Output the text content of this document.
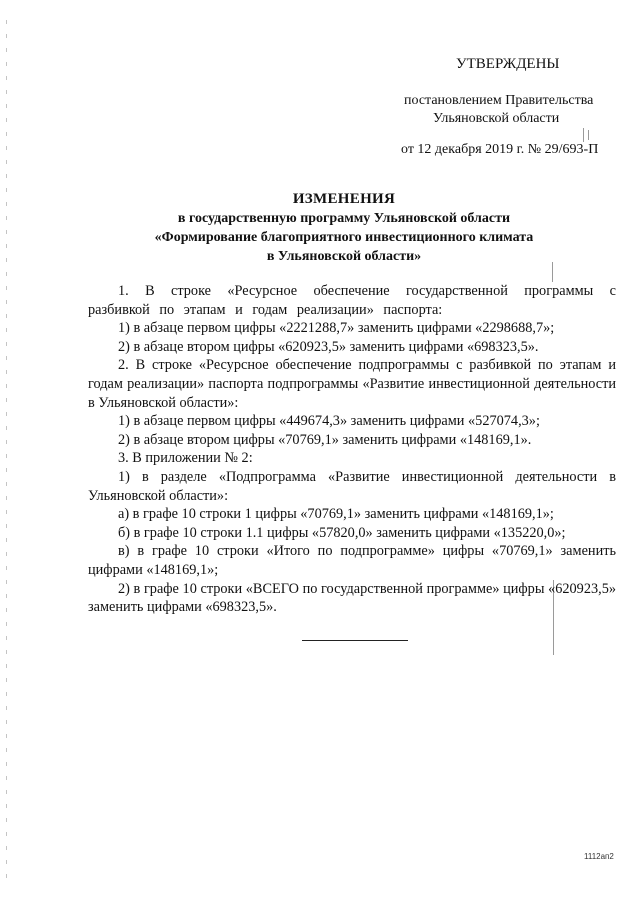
УТВЕРЖДЕНЫ
постановлением Правительства
Ульяновской области
от 12 декабря 2019 г. № 29/693-П
ИЗМЕНЕНИЯ
в государственную программу Ульяновской области
«Формирование благоприятного инвестиционного климата
в Ульяновской области»

1. В строке «Ресурсное обеспечение государственной программы с разбивкой по этапам и годам реализации» паспорта:

1) в абзаце первом цифры «2221288,7» заменить цифрами «2298688,7»;

2) в абзаце втором цифры «620923,5» заменить цифрами «698323,5».

2. В строке «Ресурсное обеспечение подпрограммы с разбивкой по этапам и годам реализации» паспорта подпрограммы «Развитие инвестиционной деятельности в Ульяновской области»:

1) в абзаце первом цифры «449674,3» заменить цифрами «527074,3»;

2) в абзаце втором цифры «70769,1» заменить цифрами «148169,1».

3. В приложении № 2:

1) в разделе «Подпрограмма «Развитие инвестиционной деятельности в Ульяновской области»:

а) в графе 10 строки 1 цифры «70769,1» заменить цифрами «148169,1»;

б) в графе 10 строки 1.1 цифры «57820,0» заменить цифрами «135220,0»;

в) в графе 10 строки «Итого по подпрограмме» цифры «70769,1» заменить цифрами «148169,1»;

2) в графе 10 строки «ВСЕГО по государственной программе» цифры «620923,5» заменить цифрами «698323,5».

1112ап2
